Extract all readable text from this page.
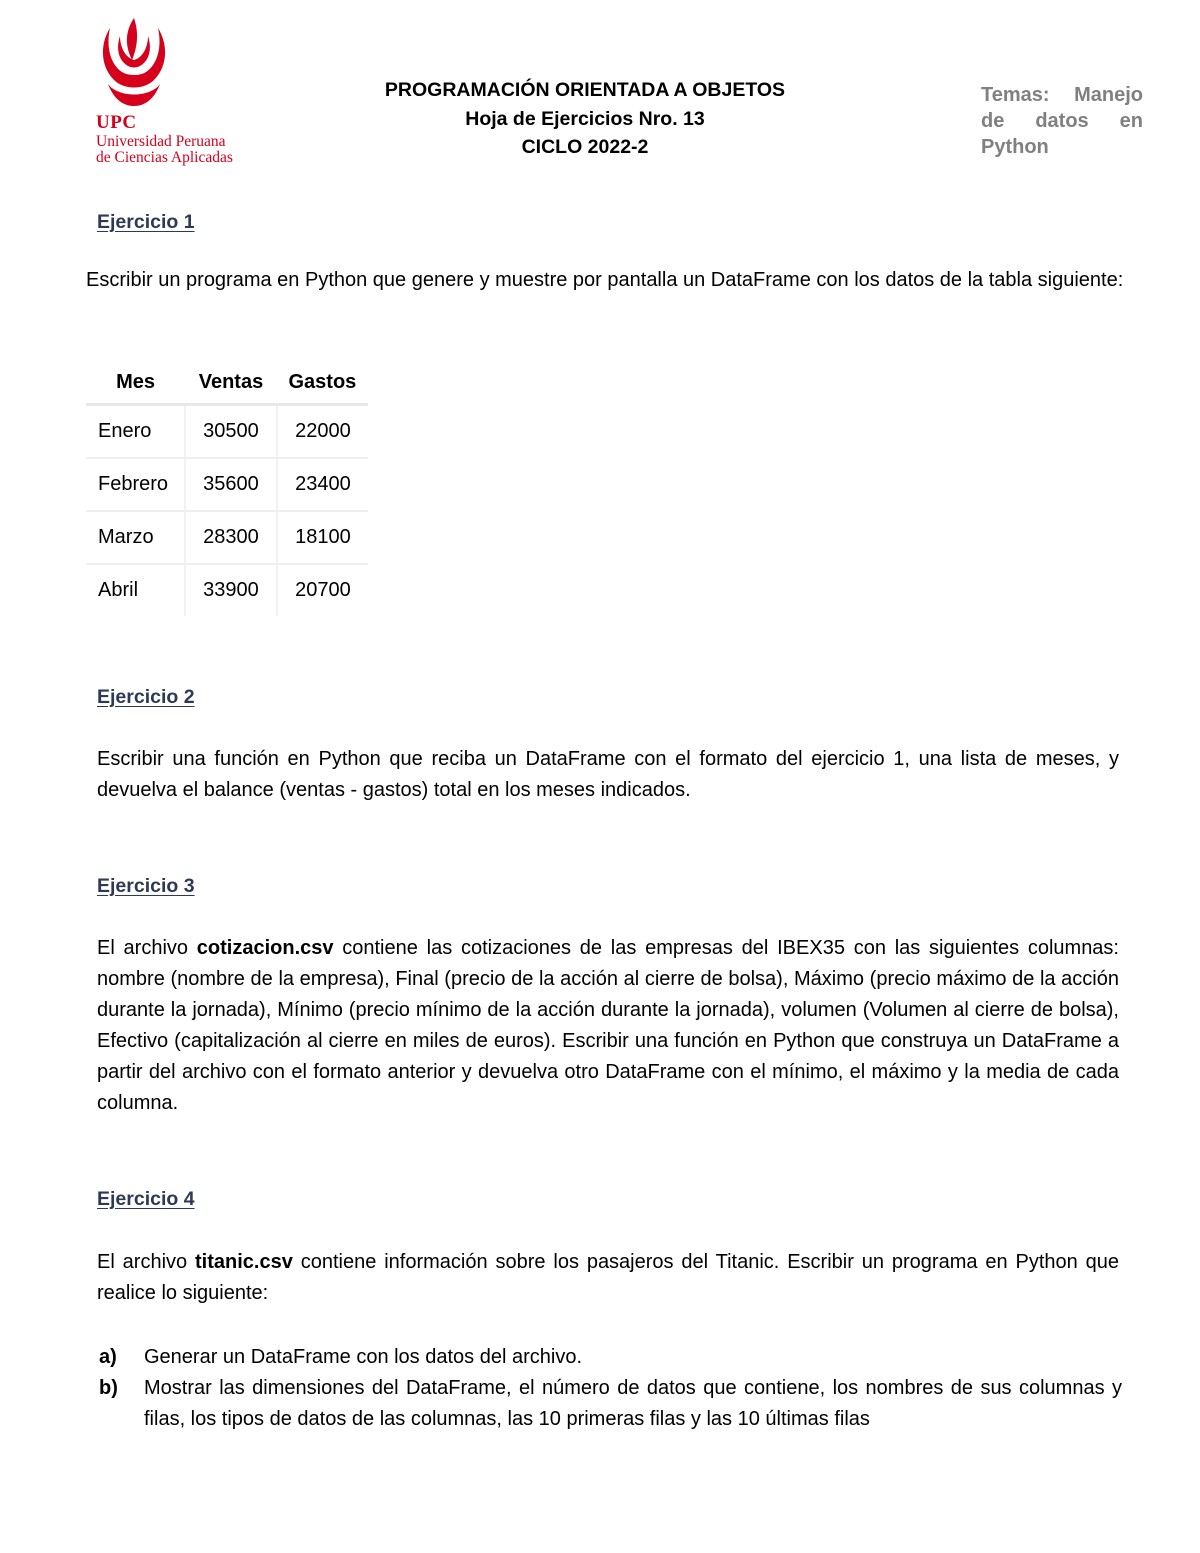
UPC
Universidad Peruana
de Ciencias Aplicadas
PROGRAMACIÓN ORIENTADA A OBJETOS
Hoja de Ejercicios Nro. 13
CICLO 2022-2
Temas: Manejo de datos en Python
Ejercicio 1
Escribir un programa en Python que genere y muestre por pantalla un DataFrame con los datos de la tabla siguiente:
Mes	Ventas	Gastos
Enero	30500	22000
Febrero	35600	23400
Marzo	28300	18100
Abril	33900	20700
Ejercicio 2
Escribir una función en Python que reciba un DataFrame con el formato del ejercicio 1, una lista de meses, y devuelva el balance (ventas - gastos) total en los meses indicados.
Ejercicio 3
El archivo cotizacion.csv contiene las cotizaciones de las empresas del IBEX35 con las siguientes columnas: nombre (nombre de la empresa), Final (precio de la acción al cierre de bolsa), Máximo (precio máximo de la acción durante la jornada), Mínimo (precio mínimo de la acción durante la jornada), volumen (Volumen al cierre de bolsa), Efectivo (capitalización al cierre en miles de euros). Escribir una función en Python que construya un DataFrame a partir del archivo con el formato anterior y devuelva otro DataFrame con el mínimo, el máximo y la media de cada columna.
Ejercicio 4
El archivo titanic.csv contiene información sobre los pasajeros del Titanic. Escribir un programa en Python que realice lo siguiente:
a) Generar un DataFrame con los datos del archivo.
b) Mostrar las dimensiones del DataFrame, el número de datos que contiene, los nombres de sus columnas y filas, los tipos de datos de las columnas, las 10 primeras filas y las 10 últimas filas
